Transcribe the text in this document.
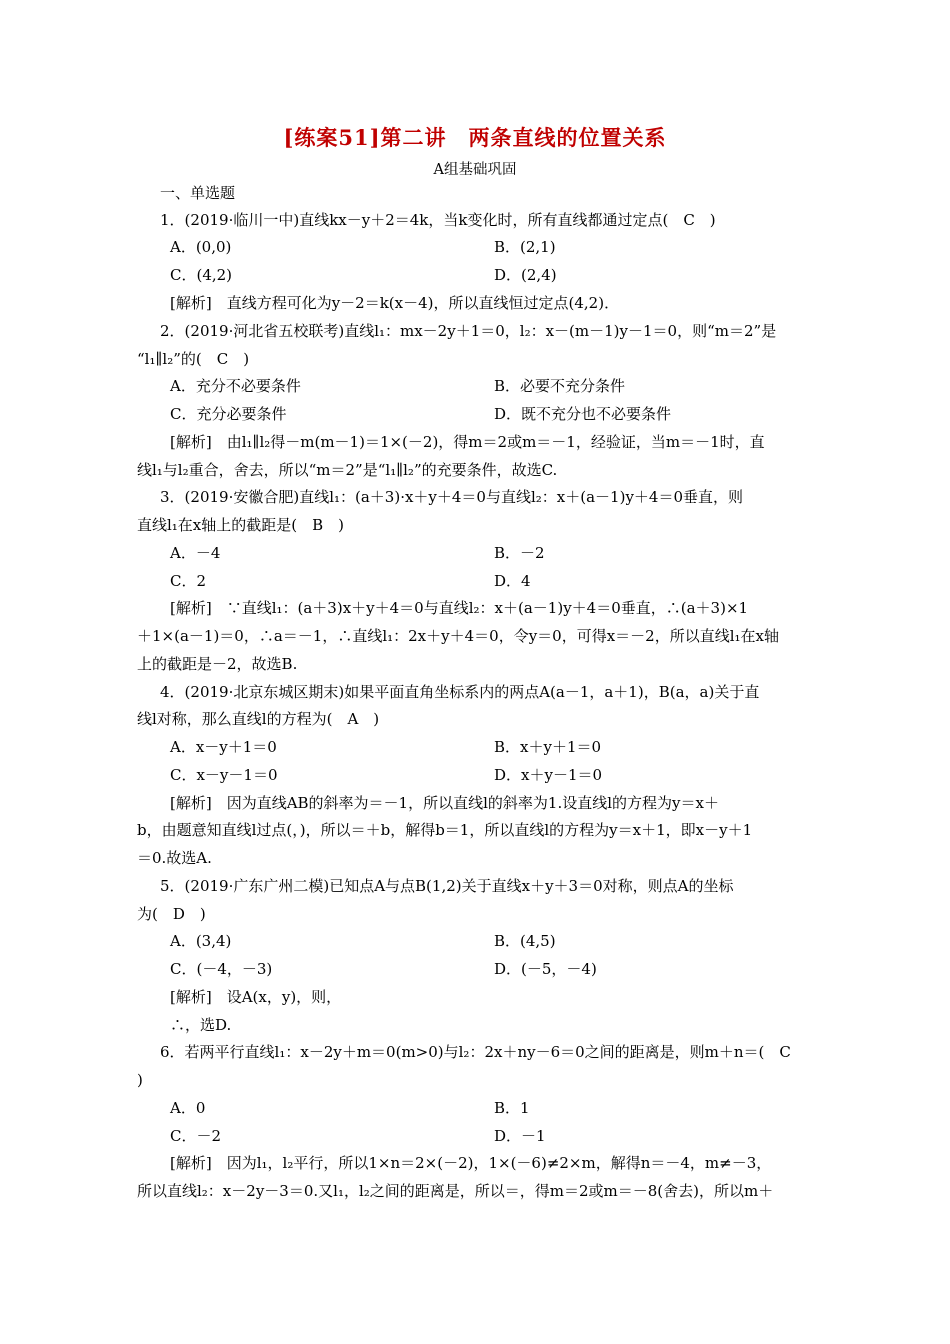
[练案51]第二讲　两条直线的位置关系
A组基础巩固
一、单选题
1．(2019·临川一中)直线kx－y＋2＝4k，当k变化时，所有直线都通过定点(　C　)
A．(0,0)	B．(2,1)
C．(4,2)	D．(2,4)
[解析]　直线方程可化为y－2＝k(x－4)，所以直线恒过定点(4,2)．
2．(2019·河北省五校联考)直线l₁：mx－2y＋1＝0，l₂：x－(m－1)y－1＝0，则“m＝2”是
“l₁∥l₂”的(　C　)
A．充分不必要条件	B．必要不充分条件
C．充分必要条件	D．既不充分也不必要条件
[解析]　由l₁∥l₂得－m(m－1)＝1×(－2)，得m＝2或m＝－1，经验证，当m＝－1时，直
线l₁与l₂重合，舍去，所以“m＝2”是“l₁∥l₂”的充要条件，故选C.
3．(2019·安徽合肥)直线l₁：(a＋3)·x＋y＋4＝0与直线l₂：x＋(a－1)y＋4＝0垂直，则
直线l₁在x轴上的截距是(　B　)
A．－4	B．－2
C．2	D．4
[解析]　∵直线l₁：(a＋3)x＋y＋4＝0与直线l₂：x＋(a－1)y＋4＝0垂直，∴(a＋3)×1
＋1×(a－1)＝0，∴a＝－1，∴直线l₁：2x＋y＋4＝0，令y＝0，可得x＝－2，所以直线l₁在x轴
上的截距是－2，故选B.
4．(2019·北京东城区期末)如果平面直角坐标系内的两点A(a－1，a＋1)，B(a，a)关于直
线l对称，那么直线l的方程为(　A　)
A．x－y＋1＝0	B．x＋y＋1＝0
C．x－y－1＝0	D．x＋y－1＝0
[解析]　因为直线AB的斜率为＝－1，所以直线l的斜率为1.设直线l的方程为y＝x＋
b，由题意知直线l过点(，)，所以＝＋b，解得b＝1，所以直线l的方程为y＝x＋1，即x－y＋1
＝0.故选A.
5．(2019·广东广州二模)已知点A与点B(1,2)关于直线x＋y＋3＝0对称，则点A的坐标
为(　D　)
A．(3,4)	B．(4,5)
C．(－4，－3)	D．(－5，－4)
[解析]　设A(x，y)，则，
∴，选D.
6．若两平行直线l₁：x－2y＋m＝0(m>0)与l₂：2x＋ny－6＝0之间的距离是，则m＋n＝(　C
)
A．0	B．1
C．－2	D．－1
[解析]　因为l₁，l₂平行，所以1×n＝2×(－2)，1×(－6)≠2×m，解得n＝－4，m≠－3，
所以直线l₂：x－2y－3＝0.又l₁，l₂之间的距离是，所以＝，得m＝2或m＝－8(舍去)，所以m＋
